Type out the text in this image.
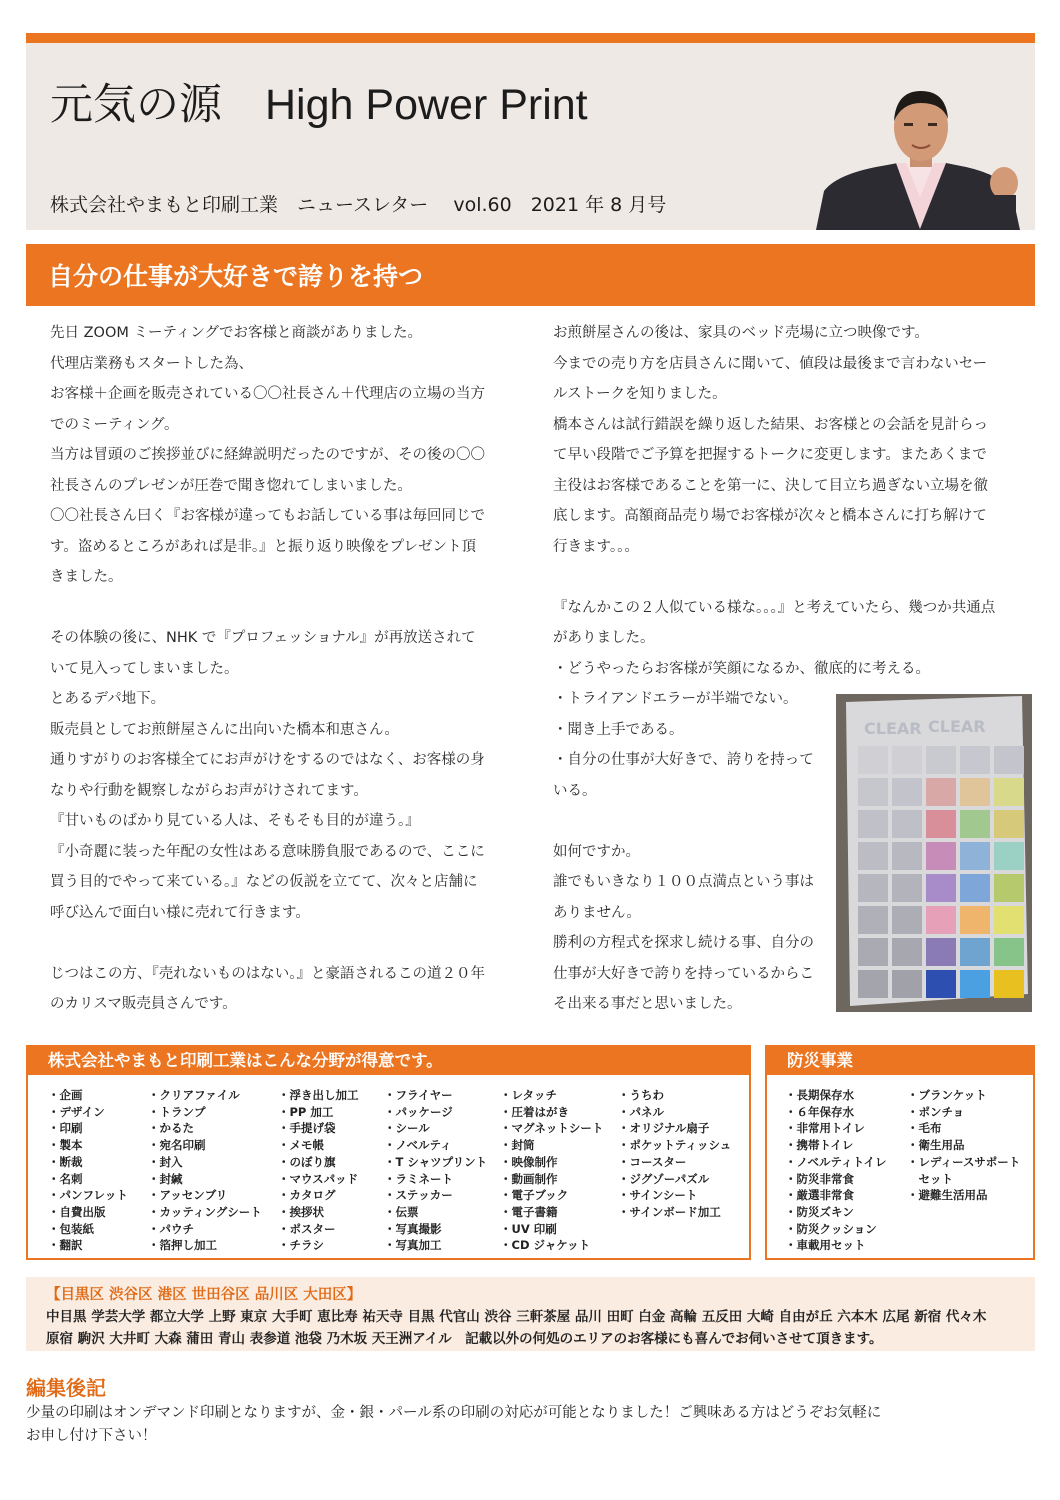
元気の源　High Power Print
株式会社やまもと印刷工業　ニュースレター　 vol.60　2021 年 8 月号
自分の仕事が大好きで誇りを持つ

先日 ZOOM ミーティングでお客様と商談がありました。

代理店業務もスタートした為、

お客様＋企画を販売されている〇〇社長さん＋代理店の立場の当方

でのミーティング。

当方は冒頭のご挨拶並びに経緯説明だったのですが、その後の〇〇

社長さんのプレゼンが圧巻で聞き惚れてしまいました。

〇〇社長さん曰く『お客様が違ってもお話している事は毎回同じで

す。盗めるところがあれば是非。』と振り返り映像をプレゼント頂

きました。

その体験の後に、NHK で『プロフェッショナル』が再放送されて

いて見入ってしまいました。

とあるデパ地下。

販売員としてお煎餅屋さんに出向いた橋本和恵さん。

通りすがりのお客様全てにお声がけをするのではなく、お客様の身

なりや行動を観察しながらお声がけされてます。

『甘いものばかり見ている人は、そもそも目的が違う。』

『小奇麗に装った年配の女性はある意味勝負服であるので、ここに

買う目的でやって来ている。』などの仮説を立てて、次々と店舗に

呼び込んで面白い様に売れて行きます。

じつはこの方、『売れないものはない。』と豪語されるこの道２０年

のカリスマ販売員さんです。

お煎餅屋さんの後は、家具のベッド売場に立つ映像です。

今までの売り方を店員さんに聞いて、値段は最後まで言わないセー

ルストークを知りました。

橋本さんは試行錯誤を繰り返した結果、お客様との会話を見計らっ

て早い段階でご予算を把握するトークに変更します。またあくまで

主役はお客様であることを第一に、決して目立ち過ぎない立場を徹

底します。高額商品売り場でお客様が次々と橋本さんに打ち解けて

行きます。。。

『なんかこの２人似ている様な。。。』と考えていたら、幾つか共通点

がありました。

・どうやったらお客様が笑顔になるか、徹底的に考える。

・トライアンドエラーが半端でない。

・聞き上手である。

・自分の仕事が大好きで、誇りを持って

いる。

如何ですか。

誰でもいきなり１００点満点という事は

ありません。

勝利の方程式を探求し続ける事、自分の

仕事が大好きで誇りを持っているからこ

そ出来る事だと思いました。

CLEAR CLEAR
株式会社やまもと印刷工業はこんな分野が得意です。
・企画
・デザイン
・印刷
・製本
・断裁
・名刺
・パンフレット
・自費出版
・包装紙
・翻訳
・クリアファイル
・トランプ
・かるた
・宛名印刷
・封入
・封緘
・アッセンブリ
・カッティングシート
・パウチ
・箔押し加工
・浮き出し加工
・PP 加工
・手提げ袋
・メモ帳
・のぼり旗
・マウスパッド
・カタログ
・挨拶状
・ポスター
・チラシ
・フライヤー
・パッケージ
・シール
・ノベルティ
・T シャツプリント
・ラミネート
・ステッカー
・伝票
・写真撮影
・写真加工
・レタッチ
・圧着はがき
・マグネットシート
・封筒
・映像制作
・動画制作
・電子ブック
・電子書籍
・UV 印刷
・CD ジャケット
・うちわ
・パネル
・オリジナル扇子
・ポケットティッシュ
・コースター
・ジグゾーパズル
・サインシート
・サインボード加工
防災事業
・長期保存水
・６年保存水
・非常用トイレ
・携帯トイレ
・ノベルティトイレ
・防災非常食
・厳選非常食
・防災ズキン
・防災クッション
・車載用セット
・ブランケット
・ポンチョ
・毛布
・衛生用品
・レディースサポート
　セット
・避難生活用品
【目黒区 渋谷区 港区 世田谷区 品川区 大田区】
中目黒 学芸大学 都立大学 上野 東京 大手町 恵比寿 祐天寺 目黒 代官山 渋谷 三軒茶屋 品川 田町 白金 高輪 五反田 大崎 自由が丘 六本木 広尾 新宿 代々木
原宿 駒沢 大井町 大森 蒲田 青山 表参道 池袋 乃木坂 天王洲アイル　記載以外の何処のエリアのお客様にも喜んでお伺いさせて頂きます。
編集後記

少量の印刷はオンデマンド印刷となりますが、金・銀・パール系の印刷の対応が可能となりました！ご興味ある方はどうぞお気軽に

お申し付け下さい！
